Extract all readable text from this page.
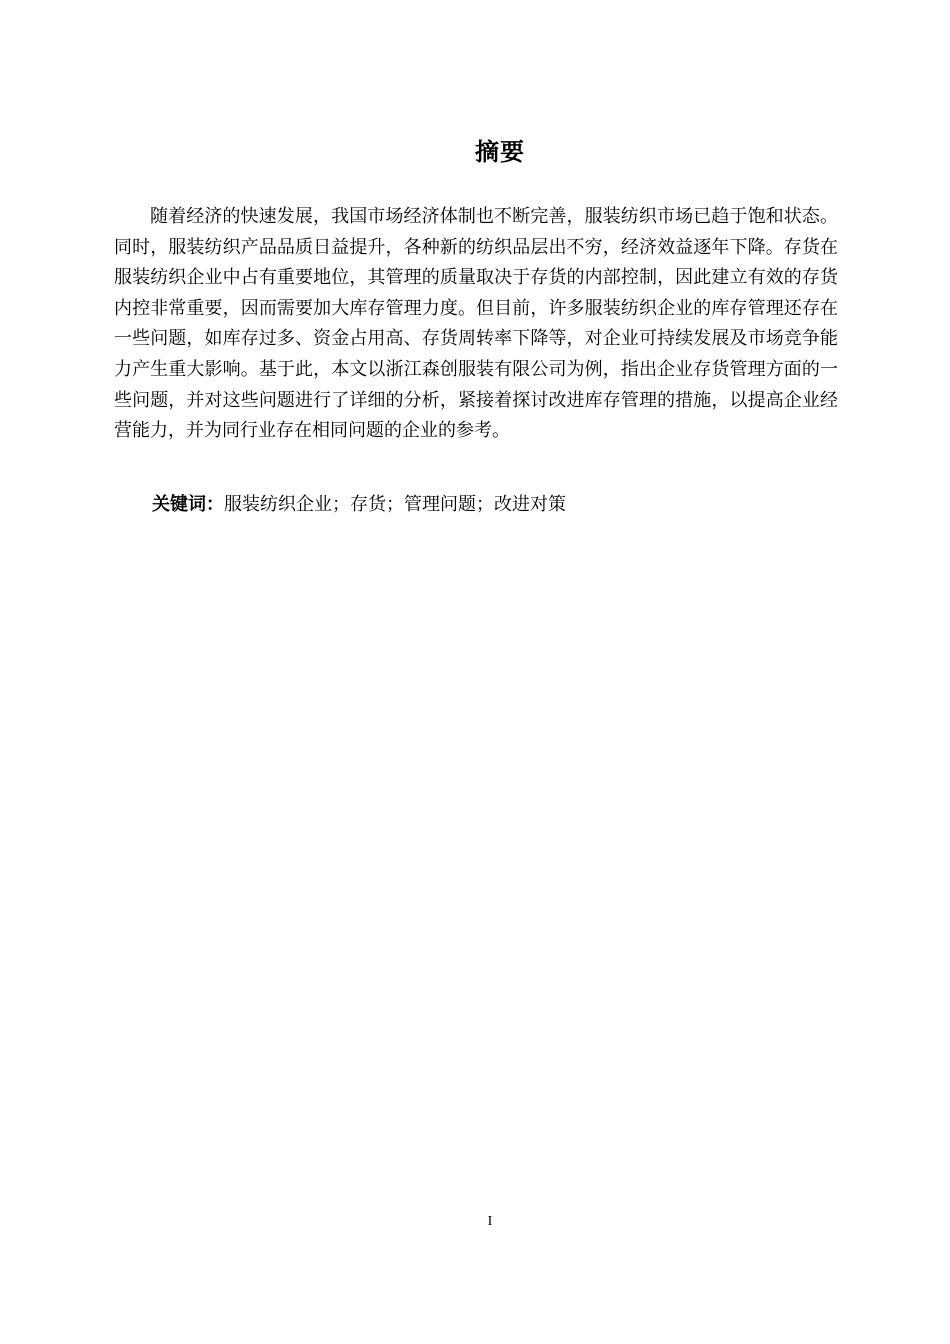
摘要

随着经济的快速发展，我国市场经济体制也不断完善，服装纺织市场已趋于饱和状态。同时，服装纺织产品品质日益提升，各种新的纺织品层出不穷，经济效益逐年下降。存货在服装纺织企业中占有重要地位，其管理的质量取决于存货的内部控制，因此建立有效的存货内控非常重要，因而需要加大库存管理力度。但目前，许多服装纺织企业的库存管理还存在一些问题，如库存过多、资金占用高、存货周转率下降等，对企业可持续发展及市场竞争能力产生重大影响。基于此，本文以浙江森创服装有限公司为例，指出企业存货管理方面的一些问题，并对这些问题进行了详细的分析，紧接着探讨改进库存管理的措施，以提高企业经营能力，并为同行业存在相同问题的企业的参考。

关键词：服装纺织企业；存货；管理问题；改进对策
I
